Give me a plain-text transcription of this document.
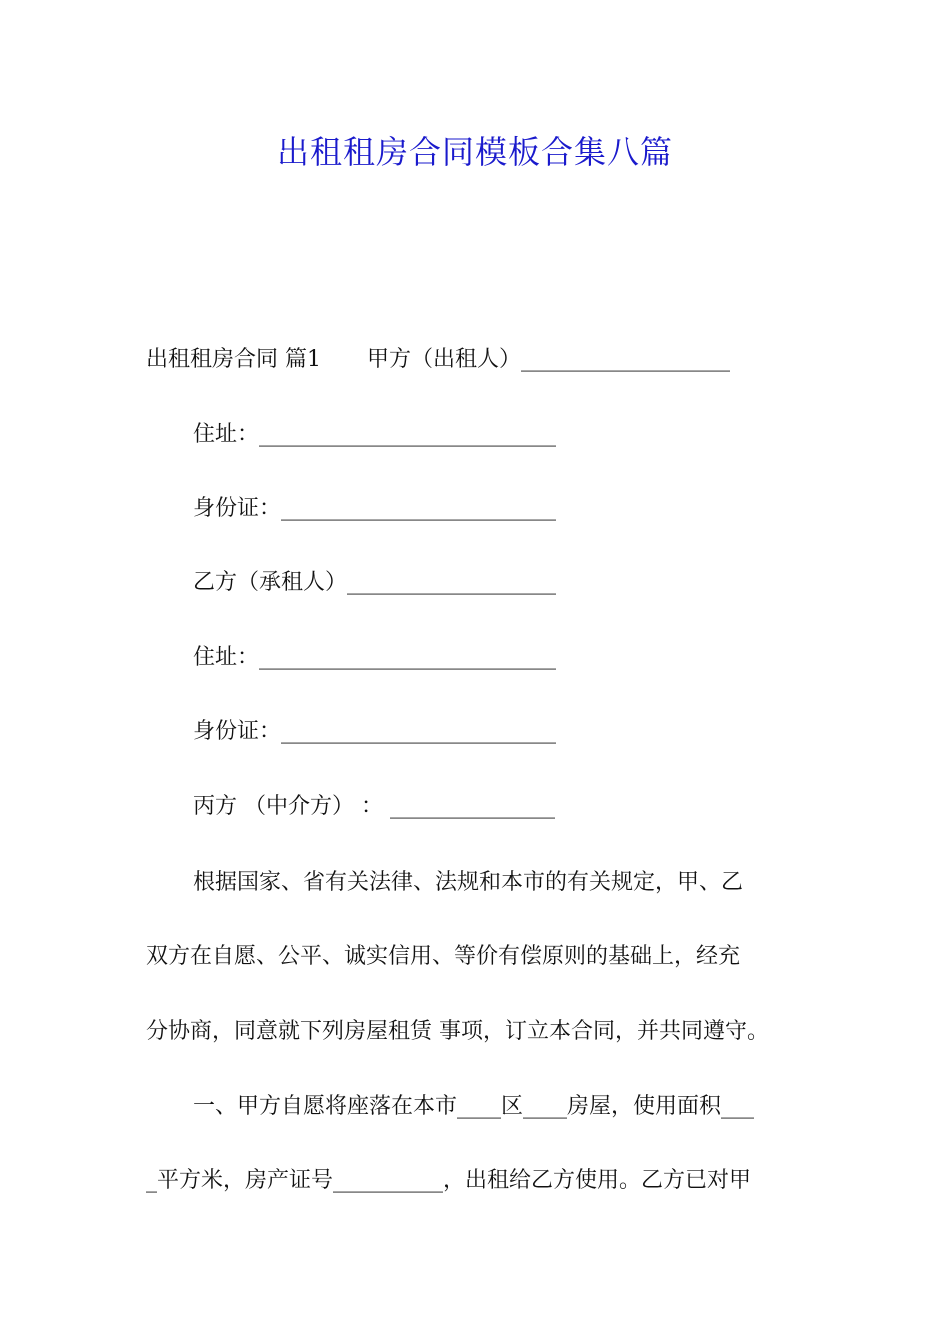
出租租房合同模板合集八篇
出租租房合同 篇1 甲方（出租人）___________________
住址：___________________________
身份证：_________________________
乙方（承租人）___________________
住址：___________________________
身份证：_________________________
丙方 （中介方） ： _______________
根据国家、省有关法律、法规和本市的有关规定，甲、乙
双方在自愿、公平、诚实信用、等价有偿原则的基础上，经充
分协商，同意就下列房屋租赁 事项，订立本合同，并共同遵守。
一、甲方自愿将座落在本市____区____房屋，使用面积___
_平方米，房产证号__________，出租给乙方使用。乙方已对甲
